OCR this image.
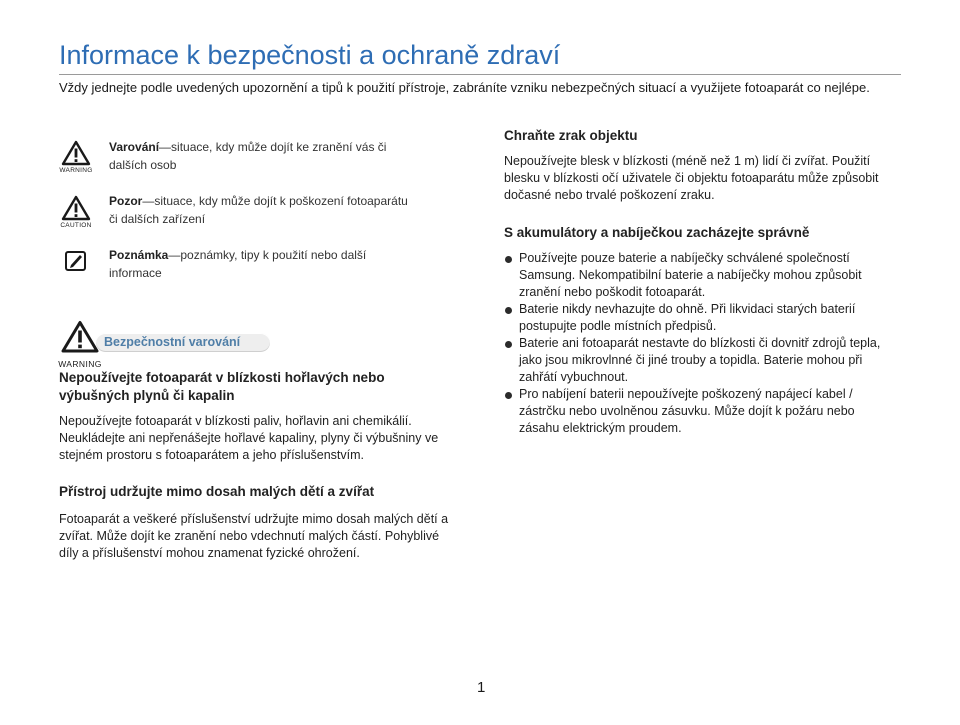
Informace k bezpečnosti a ochraně zdraví
Vždy jednejte podle uvedených upozornění a tipů k použití přístroje, zabráníte vzniku nebezpečných situací a využijete fotoaparát co nejlépe.
WARNING
Varování—situace, kdy může dojít ke zranění vás či dalších osob
CAUTION
Pozor—situace, kdy může dojít k poškození fotoaparátu či dalších zařízení
Poznámka—poznámky, tipy k použití nebo další informace
Bezpečnostní varování
WARNING
Nepoužívejte fotoaparát v blízkosti hořlavých nebo výbušných plynů či kapalin

Nepoužívejte fotoaparát v blízkosti paliv, hořlavin ani chemikálií. Neukládejte ani nepřenášejte hořlavé kapaliny, plyny či výbušniny ve stejném prostoru s fotoaparátem a jeho příslušenstvím.

Přístroj udržujte mimo dosah malých dětí a zvířat

Fotoaparát a veškeré příslušenství udržujte mimo dosah malých dětí a zvířat. Může dojít ke zranění nebo vdechnutí malých částí. Pohyblivé díly a příslušenství mohou znamenat fyzické ohrožení.

Chraňte zrak objektu

Nepoužívejte blesk v blízkosti (méně než 1 m) lidí či zvířat. Použití blesku v blízkosti očí uživatele či objektu fotoaparátu může způsobit dočasné nebo trvalé poškození zraku.

S akumulátory a nabíječkou zacházejte správně
Používejte pouze baterie a nabíječky schválené společností Samsung. Nekompatibilní baterie a nabíječky mohou způsobit zranění nebo poškodit fotoaparát.
Baterie nikdy nevhazujte do ohně. Při likvidaci starých baterií postupujte podle místních předpisů.
Baterie ani fotoaparát nestavte do blízkosti či dovnitř zdrojů tepla, jako jsou mikrovlnné či jiné trouby a topidla. Baterie mohou při zahřátí vybuchnout.
Pro nabíjení baterii nepoužívejte poškozený napájecí kabel / zástrčku nebo uvolněnou zásuvku. Může dojít k požáru nebo zásahu elektrickým proudem.
1
